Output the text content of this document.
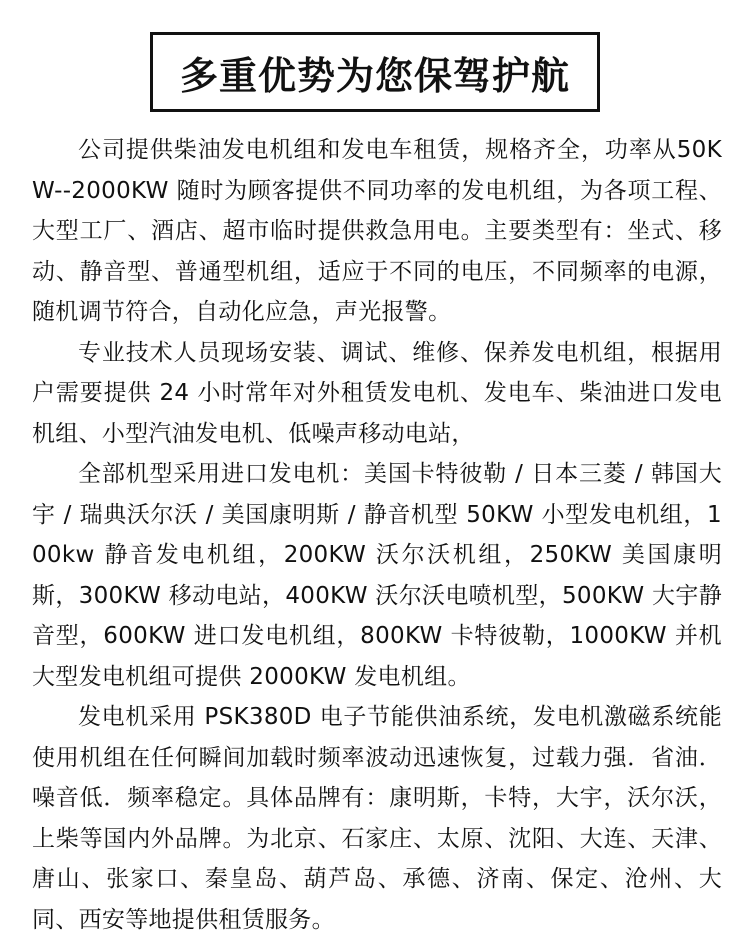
多重优势为您保驾护航

公司提供柴油发电机组和发电车租赁，规格齐全，功率从50KW--2000KW 随时为顾客提供不同功率的发电机组，为各项工程、大型工厂、酒店、超市临时提供救急用电。主要类型有：坐式、移动、静音型、普通型机组，适应于不同的电压，不同频率的电源，随机调节符合，自动化应急，声光报警。

专业技术人员现场安装、调试、维修、保养发电机组，根据用户需要提供 24 小时常年对外租赁发电机、发电车、柴油进口发电机组、小型汽油发电机、低噪声移动电站，

全部机型采用进口发电机：美国卡特彼勒 / 日本三菱 / 韩国大宇 / 瑞典沃尔沃 / 美国康明斯 / 静音机型 50KW 小型发电机组，100kw 静音发电机组，200KW 沃尔沃机组，250KW 美国康明斯，300KW 移动电站，400KW 沃尔沃电喷机型，500KW 大宇静音型，600KW 进口发电机组，800KW 卡特彼勒，1000KW 并机大型发电机组可提供 2000KW 发电机组。

发电机采用 PSK380D 电子节能供油系统，发电机激磁系统能使用机组在任何瞬间加载时频率波动迅速恢复，过载力强．省油．噪音低．频率稳定。具体品牌有：康明斯，卡特，大宇，沃尔沃，上柴等国内外品牌。为北京、石家庄、太原、沈阳、大连、天津、唐山、张家口、秦皇岛、葫芦岛、承德、济南、保定、沧州、大同、西安等地提供租赁服务。
